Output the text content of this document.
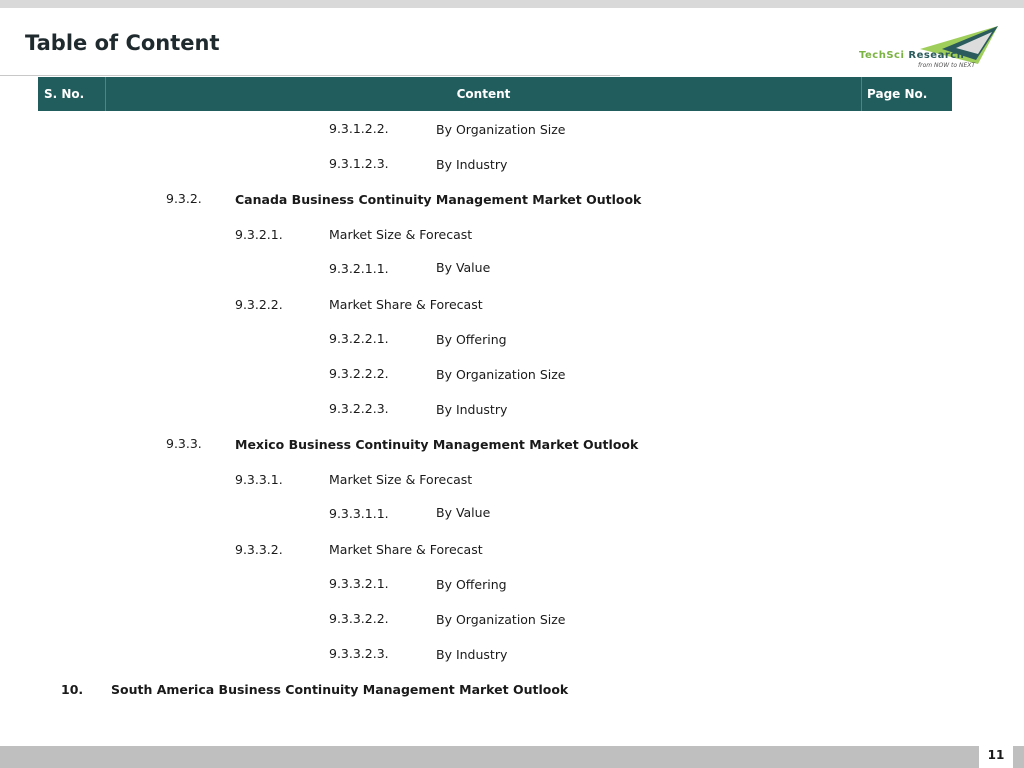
Table of Content
TechSci Research
from NOW to NEXT
S. No.	Content	Page No.
9.3.1.2.2.	By Organization Size
9.3.1.2.3.	By Industry
9.3.2.	Canada Business Continuity Management Market Outlook
9.3.2.1.	Market Size & Forecast
9.3.2.1.1.	By Value
9.3.2.2.	Market Share & Forecast
9.3.2.2.1.	By Offering
9.3.2.2.2.	By Organization Size
9.3.2.2.3.	By Industry
9.3.3.	Mexico Business Continuity Management Market Outlook
9.3.3.1.	Market Size & Forecast
9.3.3.1.1.	By Value
9.3.3.2.	Market Share & Forecast
9.3.3.2.1.	By Offering
9.3.3.2.2.	By Organization Size
9.3.3.2.3.	By Industry
10. South America Business Continuity Management Market Outlook
11
